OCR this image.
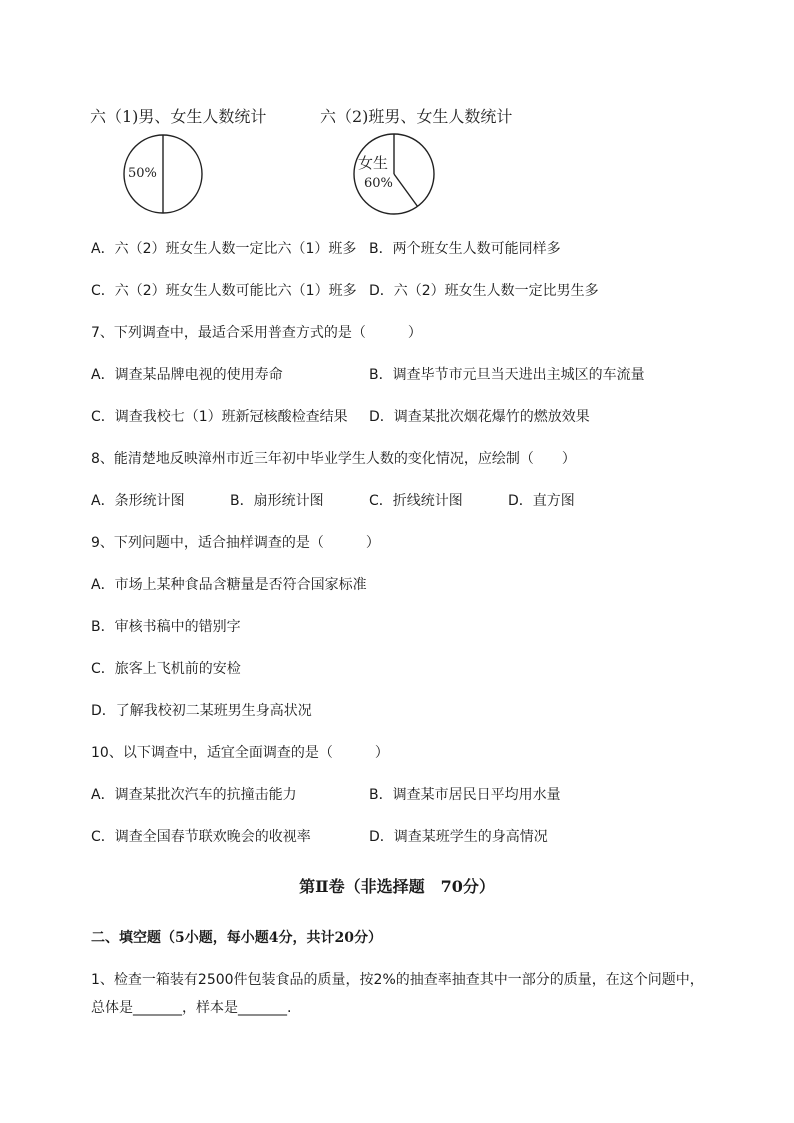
六（1)男、女生人数统计
50%
六（2)班男、女生人数统计
女生
60%
A．六（2）班女生人数一定比六（1）班多 B．两个班女生人数可能同样多
C．六（2）班女生人数可能比六（1）班多 D．六（2）班女生人数一定比男生多
7、下列调查中，最适合采用普查方式的是（　　　）
A．调查某品牌电视的使用寿命	B．调查毕节市元旦当天进出主城区的车流量
C．调查我校七（1）班新冠核酸检查结果 D．调查某批次烟花爆竹的燃放效果
8、能清楚地反映漳州市近三年初中毕业学生人数的变化情况，应绘制（　　）
A．条形统计图	B．扇形统计图	C．折线统计图	D．直方图
9、下列问题中，适合抽样调查的是（　　　）
A．市场上某种食品含糖量是否符合国家标准
B．审核书稿中的错别字
C．旅客上飞机前的安检
D．了解我校初二某班男生身高状况
10、以下调查中，适宜全面调查的是（　　　）
A．调查某批次汽车的抗撞击能力	B．调查某市居民日平均用水量
C．调查全国春节联欢晚会的收视率	D．调查某班学生的身高情况
第Ⅱ卷（非选择题　70分）
二、填空题（5小题，每小题4分，共计20分）
1、检查一箱装有2500件包装食品的质量，按2%的抽查率抽查其中一部分的质量，在这个问题中，
总体是_______，样本是_______.
